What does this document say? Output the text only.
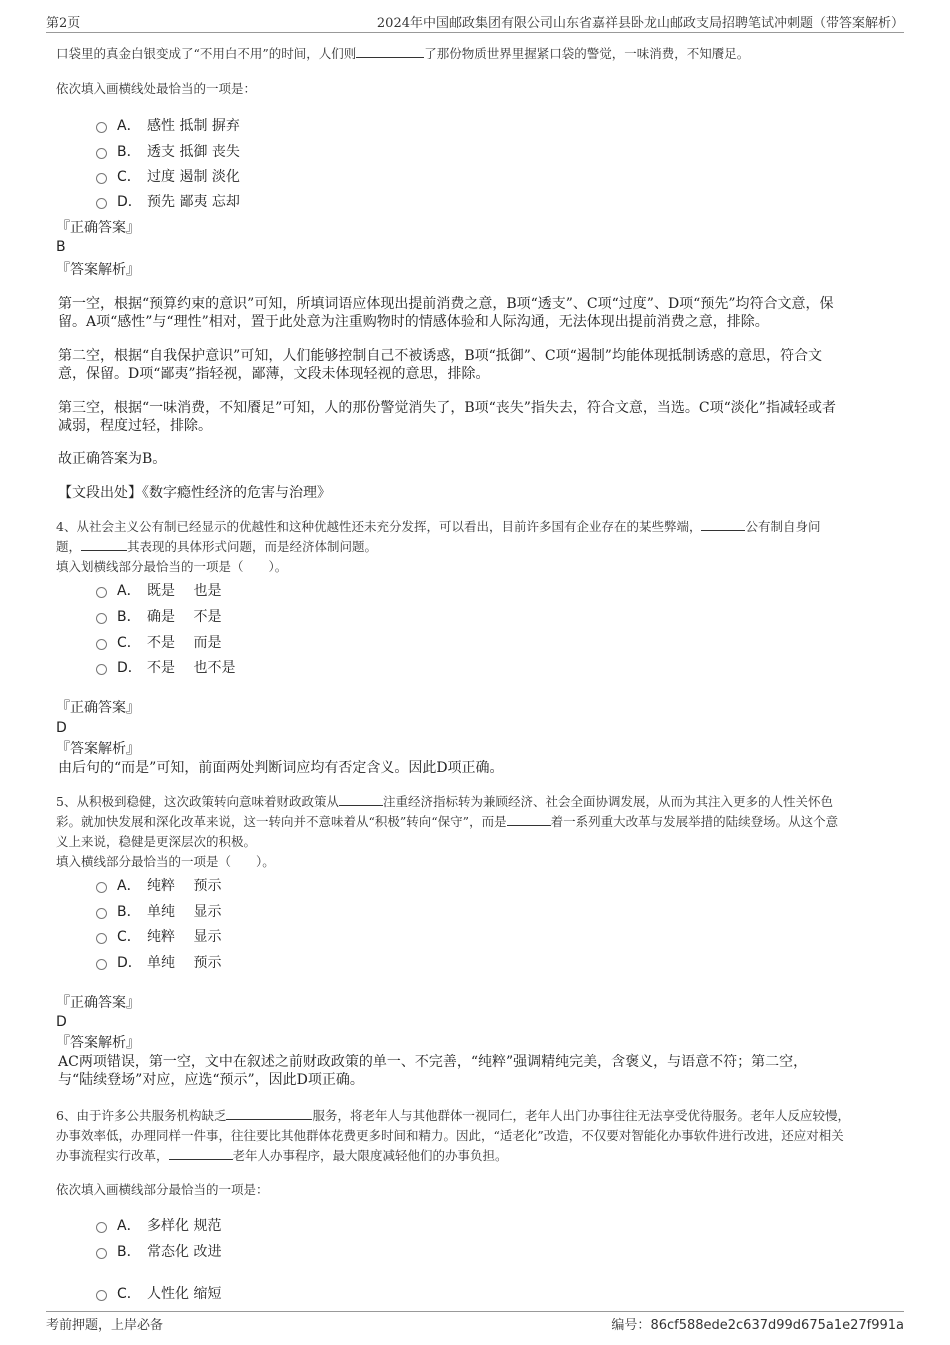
第2页	2024年中国邮政集团有限公司山东省嘉祥县卧龙山邮政支局招聘笔试冲刺题（带答案解析）
口袋里的真金白银变成了“不用白不用”的时间，人们则	了那份物质世界里握紧口袋的警觉，一味消费，不知餍足。
依次填入画横线处最恰当的一项是：
A． 感性 抵制 摒弃
B． 透支 抵御 丧失
C． 过度 遏制 淡化
D． 预先 鄙夷 忘却
『正确答案』
B
『答案解析』
第一空，根据“预算约束的意识”可知，所填词语应体现出提前消费之意，B项“透支”、C项“过度”、D项“预先”均符合文意，保
留。A项“感性”与“理性”相对，置于此处意为注重购物时的情感体验和人际沟通，无法体现出提前消费之意，排除。
第二空，根据“自我保护意识”可知，人们能够控制自己不被诱惑，B项“抵御”、C项“遏制”均能体现抵制诱惑的意思，符合文
意，保留。D项“鄙夷”指轻视，鄙薄，文段未体现轻视的意思，排除。
第三空，根据“一味消费，不知餍足”可知，人的那份警觉消失了，B项“丧失”指失去，符合文意，当选。C项“淡化”指减轻或者
减弱，程度过轻，排除。
故正确答案为B。
【文段出处】《数字瘾性经济的危害与治理》
4、从社会主义公有制已经显示的优越性和这种优越性还未充分发挥，可以看出，目前许多国有企业存在的某些弊端，	公有制自身问
题，	其表现的具体形式问题，而是经济体制问题。
填入划横线部分最恰当的一项是（　　）。
A． 既是　 也是
B． 确是　 不是
C． 不是　 而是
D． 不是　 也不是
『正确答案』
D
『答案解析』
由后句的“而是”可知，前面两处判断词应均有否定含义。因此D项正确。
5、从积极到稳健，这次政策转向意味着财政政策从	注重经济指标转为兼顾经济、社会全面协调发展，从而为其注入更多的人性关怀色
彩。就加快发展和深化改革来说，这一转向并不意味着从“积极”转向“保守”，而是	着一系列重大改革与发展举措的陆续登场。从这个意
义上来说，稳健是更深层次的积极。
填入横线部分最恰当的一项是（　　）。
A． 纯粹　 预示
B． 单纯　 显示
C． 纯粹　 显示
D． 单纯　 预示
『正确答案』
D
『答案解析』
AC两项错误，第一空，文中在叙述之前财政政策的单一、不完善，“纯粹”强调精纯完美，含褒义，与语意不符；第二空，
与“陆续登场”对应，应选“预示”，因此D项正确。
6、由于许多公共服务机构缺乏	服务，将老年人与其他群体一视同仁，老年人出门办事往往无法享受优待服务。老年人反应较慢，
办事效率低，办理同样一件事，往往要比其他群体花费更多时间和精力。因此，“适老化”改造，不仅要对智能化办事软件进行改进，还应对相关
办事流程实行改革，	老年人办事程序，最大限度减轻他们的办事负担。
依次填入画横线部分最恰当的一项是：
A． 多样化 规范
B． 常态化 改进
C． 人性化 缩短
考前押题，上岸必备	编号：86cf588ede2c637d99d675a1e27f991a
